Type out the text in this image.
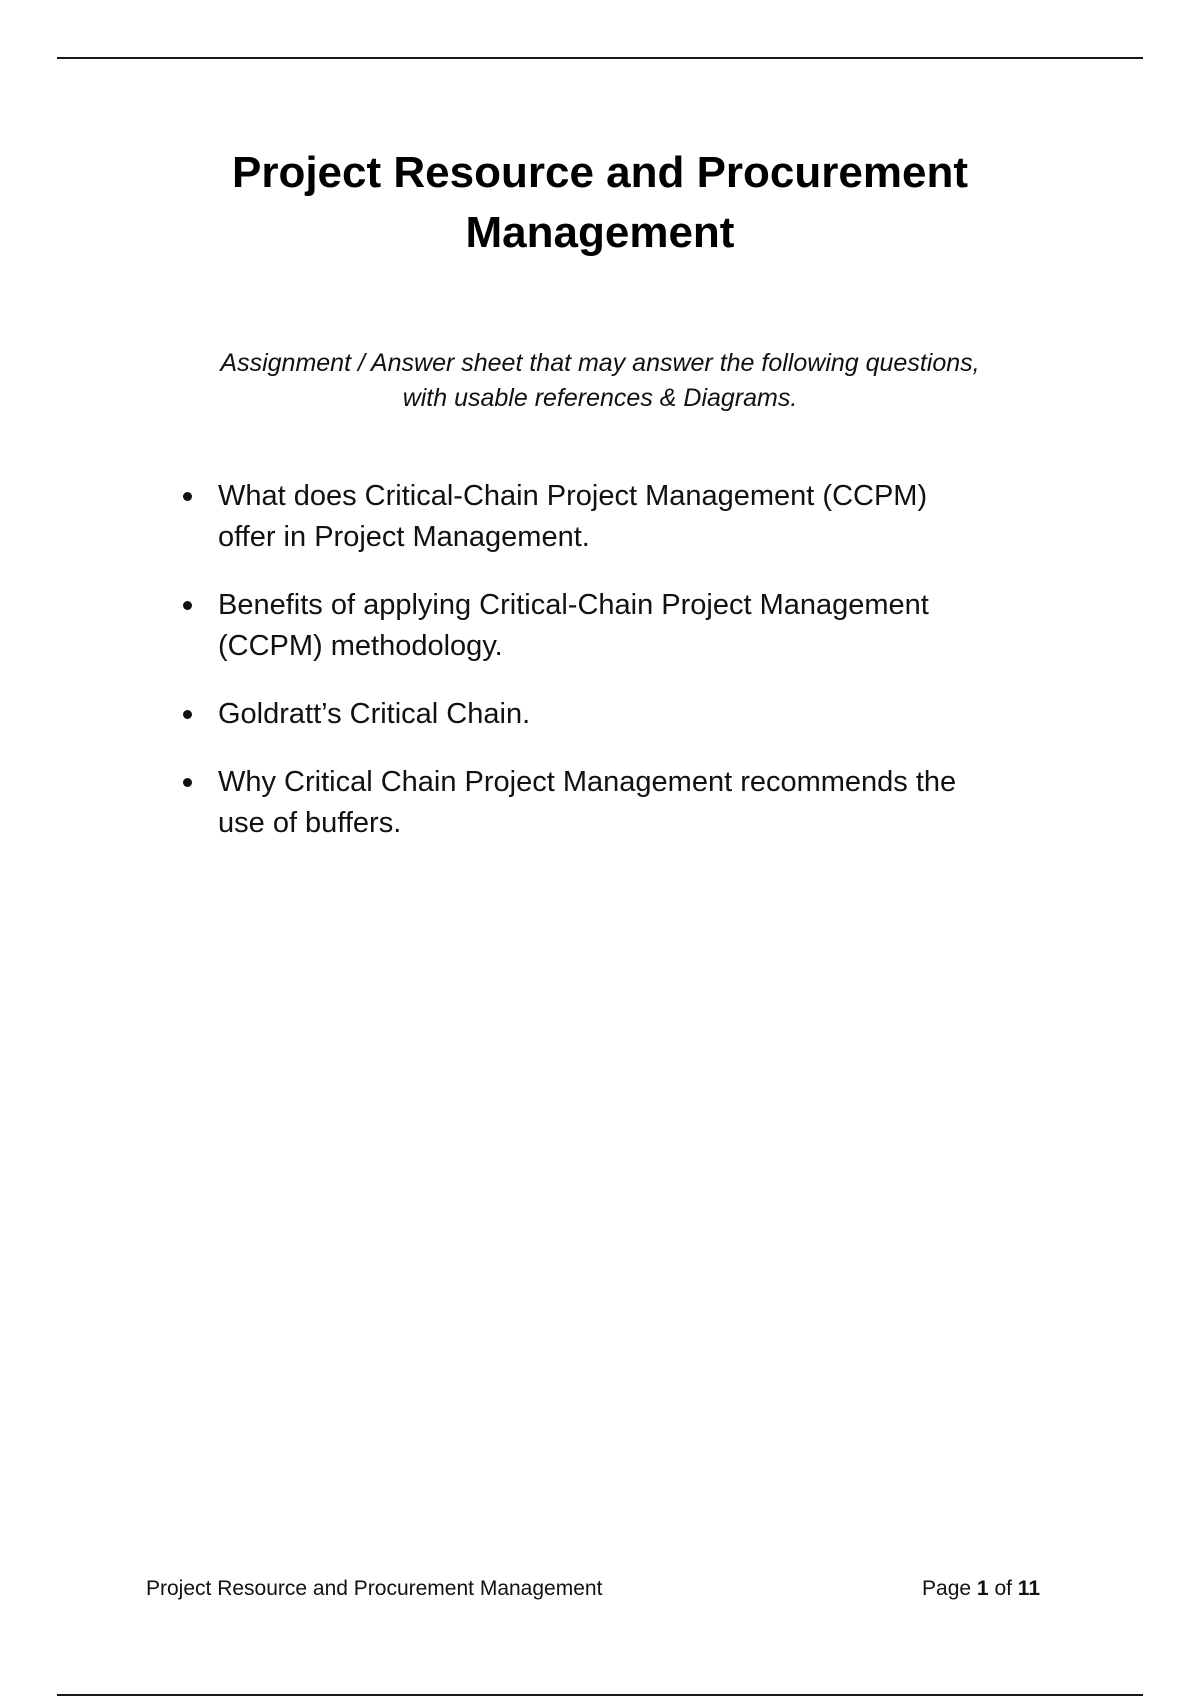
Project Resource and Procurement
Management

Assignment / Answer sheet that may answer the following questions,
with usable references & Diagrams.

What does Critical-Chain Project Management (CCPM)
offer in Project Management.
Benefits of applying Critical-Chain Project Management
(CCPM) methodology.
Goldratt’s Critical Chain.
Why Critical Chain Project Management recommends the
use of buffers.
Project Resource and Procurement Management	Page 1 of 11
